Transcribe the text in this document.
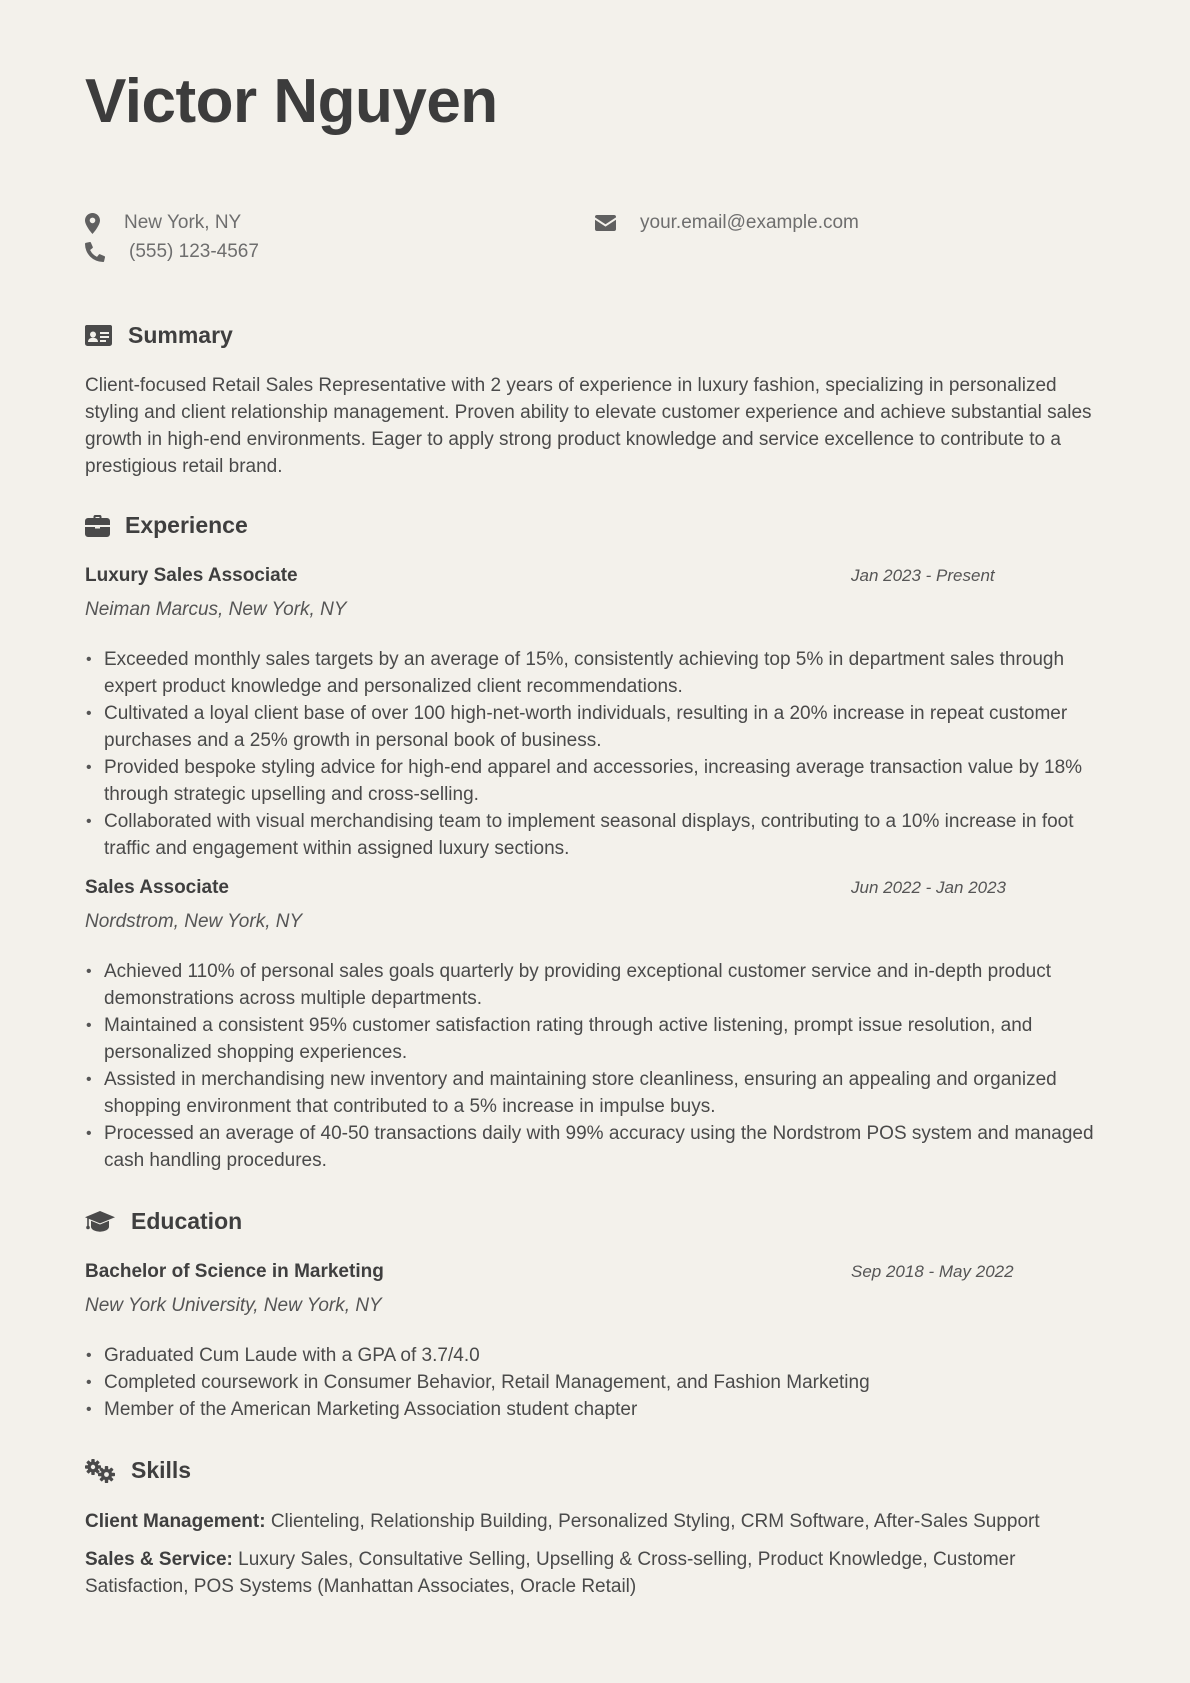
Victor Nguyen
New York, NY
(555) 123-4567
your.email@example.com
Summary

Client-focused Retail Sales Representative with 2 years of experience in luxury fashion, specializing in personalized styling and client relationship management. Proven ability to elevate customer experience and achieve substantial sales growth in high-end environments. Eager to apply strong product knowledge and service excellence to contribute to a prestigious retail brand.

Experience
Luxury Sales Associate	Jan 2023 - Present
Neiman Marcus, New York, NY
• Exceeded monthly sales targets by an average of 15%, consistently achieving top 5% in department sales through expert product knowledge and personalized client recommendations.
• Cultivated a loyal client base of over 100 high-net-worth individuals, resulting in a 20% increase in repeat customer purchases and a 25% growth in personal book of business.
• Provided bespoke styling advice for high-end apparel and accessories, increasing average transaction value by 18% through strategic upselling and cross-selling.
• Collaborated with visual merchandising team to implement seasonal displays, contributing to a 10% increase in foot traffic and engagement within assigned luxury sections.
Sales Associate	Jun 2022 - Jan 2023
Nordstrom, New York, NY
• Achieved 110% of personal sales goals quarterly by providing exceptional customer service and in-depth product demonstrations across multiple departments.
• Maintained a consistent 95% customer satisfaction rating through active listening, prompt issue resolution, and personalized shopping experiences.
• Assisted in merchandising new inventory and maintaining store cleanliness, ensuring an appealing and organized shopping environment that contributed to a 5% increase in impulse buys.
• Processed an average of 40-50 transactions daily with 99% accuracy using the Nordstrom POS system and managed cash handling procedures.
Education
Bachelor of Science in Marketing	Sep 2018 - May 2022
New York University, New York, NY
• Graduated Cum Laude with a GPA of 3.7/4.0
• Completed coursework in Consumer Behavior, Retail Management, and Fashion Marketing
• Member of the American Marketing Association student chapter
Skills

Client Management: Clienteling, Relationship Building, Personalized Styling, CRM Software, After-Sales Support

Sales & Service: Luxury Sales, Consultative Selling, Upselling & Cross-selling, Product Knowledge, Customer Satisfaction, POS Systems (Manhattan Associates, Oracle Retail)
